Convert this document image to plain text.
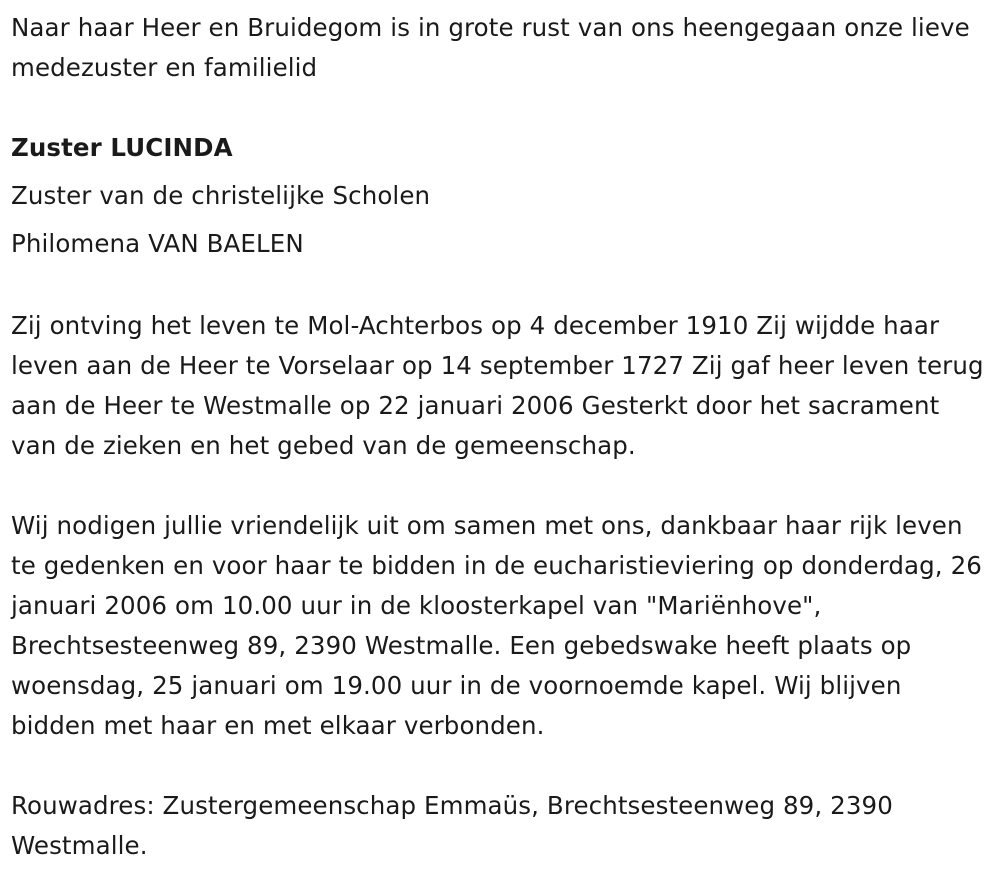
Naar haar Heer en Bruidegom is in grote rust van ons heengegaan onze lieve medezuster en familielid

Zuster LUCINDA

Zuster van de christelijke Scholen

Philomena VAN BAELEN

Zij ontving het leven te Mol-Achterbos op 4 december 1910 Zij wijdde haar leven aan de Heer te Vorselaar op 14 september 1727 Zij gaf heer leven terug aan de Heer te Westmalle op 22 januari 2006 Gesterkt door het sacrament van de zieken en het gebed van de gemeenschap.

Wij nodigen jullie vriendelijk uit om samen met ons, dankbaar haar rijk leven te gedenken en voor haar te bidden in de eucharistieviering op donderdag, 26 januari 2006 om 10.00 uur in de kloosterkapel van "Mariënhove", Brechtsesteenweg 89, 2390 Westmalle. Een gebedswake heeft plaats op woensdag, 25 januari om 19.00 uur in de voornoemde kapel. Wij blijven bidden met haar en met elkaar verbonden.

Rouwadres: Zustergemeenschap Emmaüs, Brechtsesteenweg 89, 2390 Westmalle.
